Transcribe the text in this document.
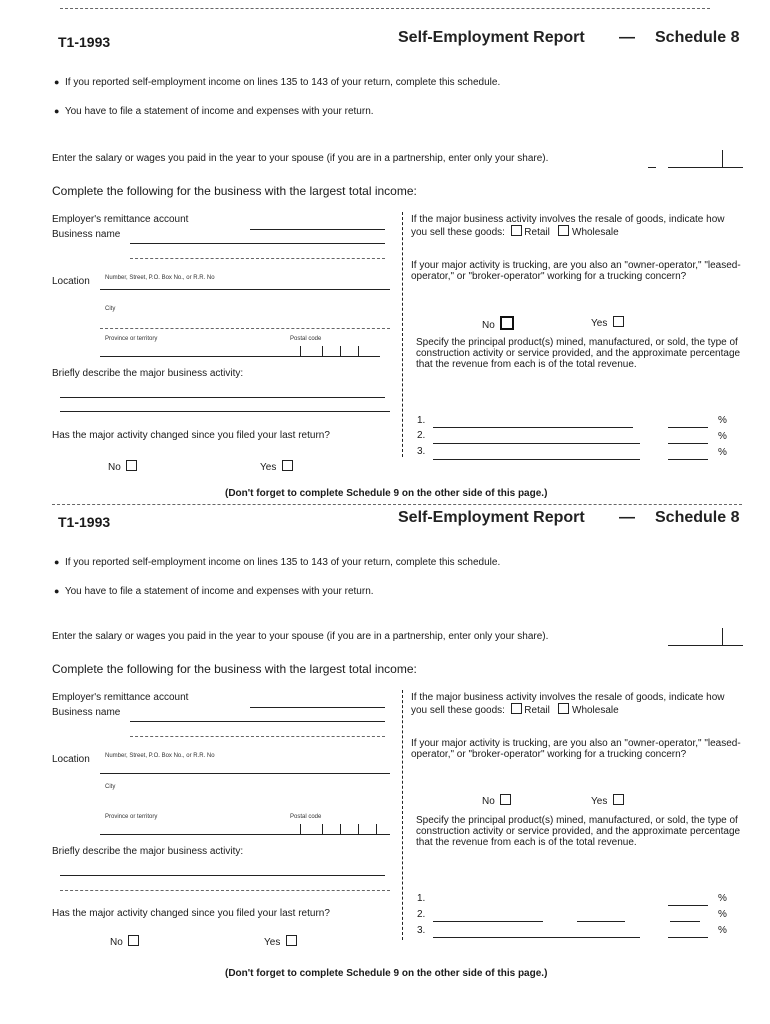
T1-1993	Self-Employment Report — Schedule 8
● If you reported self-employment income on lines 135 to 143 of your return, complete this schedule.
● You have to file a statement of income and expenses with your return.
Enter the salary or wages you paid in the year to your spouse (if you are in a partnership, enter only your share).
Complete the following for the business with the largest total income:
Employer's remittance account
Business name
Location	Number, Street, P.O. Box No., or R.R. No
City
Province or territory	Postal code
Briefly describe the major business activity:
Has the major activity changed since you filed your last return?
No	Yes
If the major business activity involves the resale of goods, indicate how you sell these goods: Retail Wholesale
If your major activity is trucking, are you also an "owner-operator," "leased-operator," or "broker-operator" working for a trucking concern?
No	Yes
Specify the principal product(s) mined, manufactured, or sold, the type of construction activity or service provided, and the approximate percentage that the revenue from each is of the total revenue.
1.	%
2.	%
3.	%
(Don't forget to complete Schedule 9 on the other side of this page.)
T1-1993	Self-Employment Report — Schedule 8
● If you reported self-employment income on lines 135 to 143 of your return, complete this schedule.
● You have to file a statement of income and expenses with your return.
Enter the salary or wages you paid in the year to your spouse (if you are in a partnership, enter only your share).
Complete the following for the business with the largest total income:
Employer's remittance account
Business name
Location	Number, Street, P.O. Box No., or R.R. No
City
Province or territory	Postal code
Briefly describe the major business activity:
Has the major activity changed since you filed your last return?
No	Yes
If the major business activity involves the resale of goods, indicate how you sell these goods: Retail Wholesale
If your major activity is trucking, are you also an "owner-operator," "leased-operator," or "broker-operator" working for a trucking concern?
No	Yes
Specify the principal product(s) mined, manufactured, or sold, the type of construction activity or service provided, and the approximate percentage that the revenue from each is of the total revenue.
1.	%
2.	%
3.	%
(Don't forget to complete Schedule 9 on the other side of this page.)
